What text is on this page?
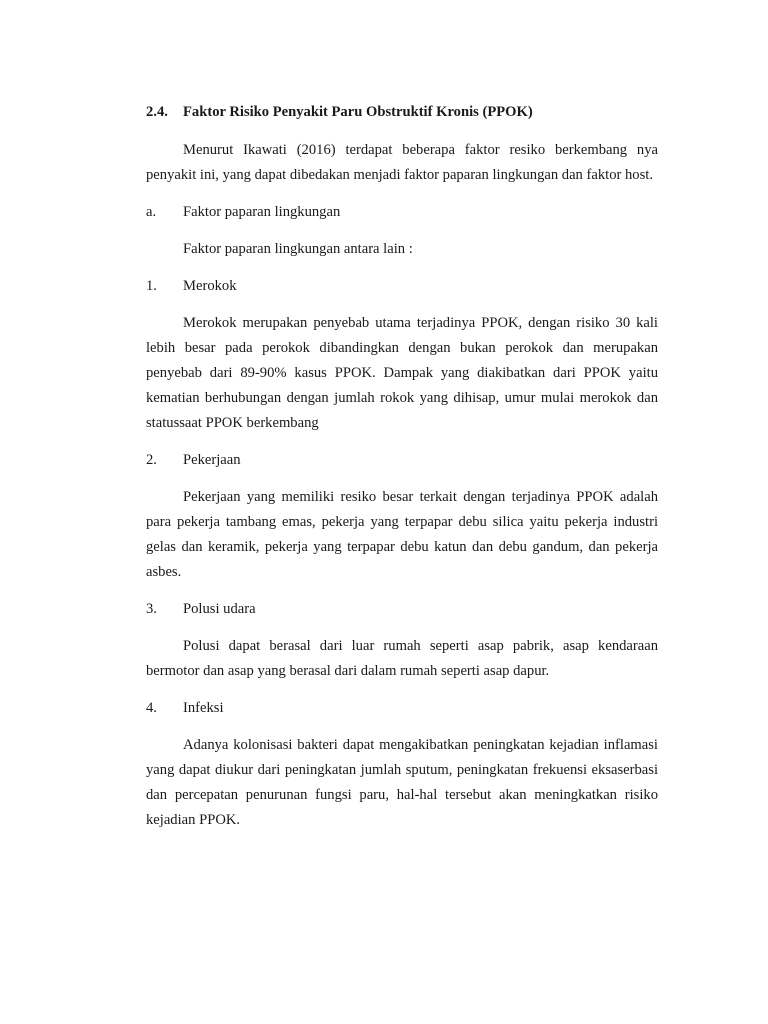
2.4.	Faktor Risiko Penyakit Paru Obstruktif Kronis (PPOK)

Menurut Ikawati (2016) terdapat beberapa faktor resiko berkembang nya penyakit ini, yang dapat dibedakan menjadi faktor paparan lingkungan dan faktor host.

a.	Faktor paparan lingkungan

Faktor paparan lingkungan antara lain :

1.	Merokok

Merokok merupakan penyebab utama terjadinya PPOK, dengan risiko 30 kali lebih besar pada perokok dibandingkan dengan bukan perokok dan merupakan penyebab dari 89-90% kasus PPOK. Dampak yang diakibatkan dari PPOK yaitu kematian berhubungan dengan jumlah rokok yang dihisap, umur mulai merokok dan statussaat PPOK berkembang

2.	Pekerjaan

Pekerjaan yang memiliki resiko besar terkait dengan terjadinya PPOK adalah para pekerja tambang emas, pekerja yang terpapar debu silica yaitu pekerja industri gelas dan keramik, pekerja yang terpapar debu katun dan debu gandum, dan pekerja asbes.

3.	Polusi udara

Polusi dapat berasal dari luar rumah seperti asap pabrik, asap kendaraan bermotor dan asap yang berasal dari dalam rumah seperti asap dapur.

4.	Infeksi

Adanya kolonisasi bakteri dapat mengakibatkan peningkatan kejadian inflamasi yang dapat diukur dari peningkatan jumlah sputum, peningkatan frekuensi eksaserbasi dan percepatan penurunan fungsi paru, hal-hal tersebut akan meningkatkan risiko kejadian PPOK.
